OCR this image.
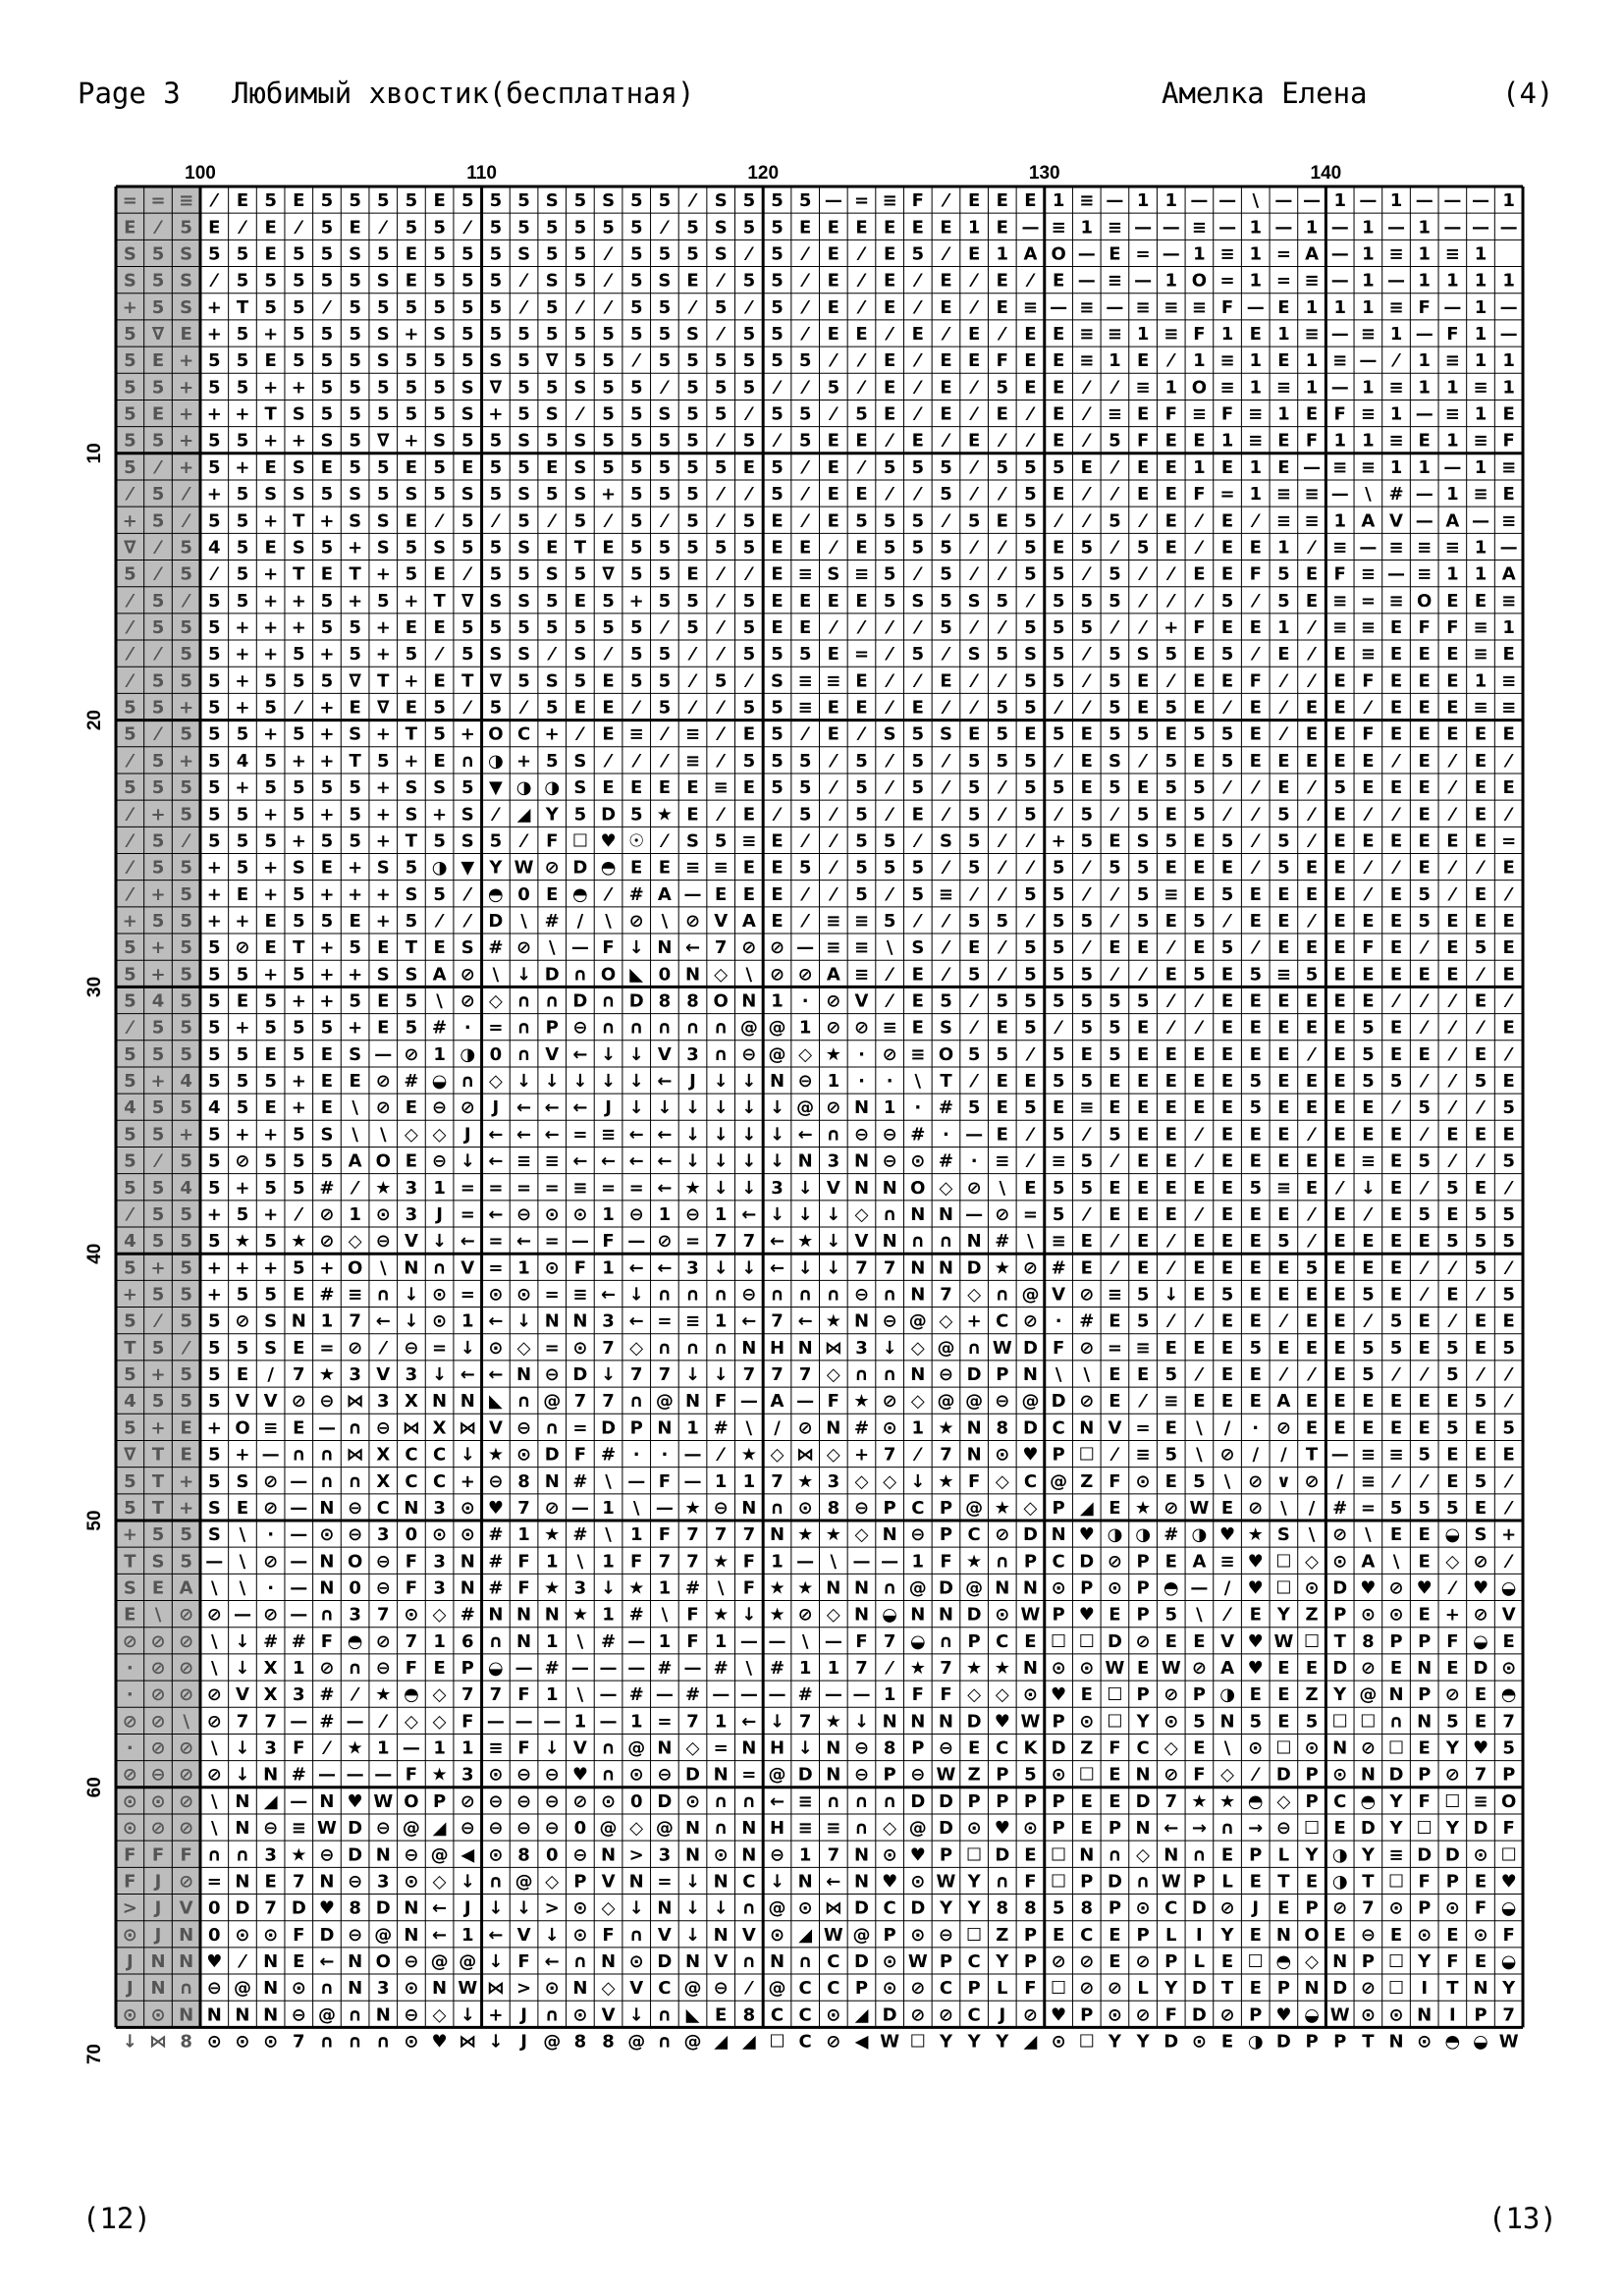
Page 3 Любимый хвостик(бесплатная)	Амелка Елена	(4)
= = ≡ ⁄ E 5 E 5 5 5 5 E 5 5 5 S 5 S 5 5 ⁄ S 5 5 5 — = ≡ F ⁄ E E E 1 ≡ — 1 1 — — \ — — 1 — 1 — — — 1
E ⁄ 5 E ⁄ E ⁄ 5 E ⁄ 5 5 ⁄ 5 5 5 5 5 5 ⁄ 5 S 5 5 E E E E E E 1 E — ≡ 1 ≡ — — ≡ — 1 — 1 — 1 — 1 — — —
S 5 S 5 5 E 5 5 S 5 E 5 5 5 S 5 5 ⁄ 5 5 5 S ⁄ 5 ⁄ E ⁄ E 5 ⁄ E 1 A O — E = — 1 ≡ 1 = A — 1 ≡ 1 ≡ 1
S 5 S ⁄ 5 5 5 5 5 S E 5 5 5 ⁄ S 5 ⁄ 5 S E ⁄ 5 5 ⁄ E ⁄ E ⁄ E ⁄ E ⁄ E — ≡ — 1 O = 1 = ≡ — 1 — 1 1 1 1
+ 5 S + T 5 5 ⁄ 5 5 5 5 5 5 ⁄ 5 ⁄ ⁄ 5 5 ⁄ 5 ⁄ 5 ⁄ E ⁄ E ⁄ E ⁄ E ≡ — ≡ — ≡ ≡ ≡ F — E 1 1 1 ≡ F — 1 —
5 ∇ E + 5 + 5 5 5 S + S 5 5 5 5 5 5 5 5 S ⁄ 5 5 ⁄ E E ⁄ E ⁄ E ⁄ E E ≡ ≡ 1 ≡ F 1 E 1 ≡ — ≡ 1 — F 1 —
5 E + 5 5 E 5 5 5 S 5 5 5 S 5 ∇ 5 5 ⁄ 5 5 5 5 5 5 ⁄ ⁄ E ⁄ E E F E E ≡ 1 E ⁄ 1 ≡ 1 E 1 ≡ — ⁄ 1 ≡ 1 1
5 5 + 5 5 + + 5 5 5 5 5 S ∇ 5 5 S 5 5 ⁄ 5 5 5 ⁄ ⁄ 5 ⁄ E ⁄ E ⁄ 5 E E ⁄ ⁄ ≡ 1 O ≡ 1 ≡ 1 — 1 ≡ 1 1 ≡ 1
5 E + + + T S 5 5 5 5 5 S + 5 S ⁄ 5 5 S 5 5 ⁄ 5 5 ⁄ 5 E ⁄ E ⁄ E ⁄ E ⁄ ≡ E F ≡ F ≡ 1 E F ≡ 1 — ≡ 1 E
5 5 + 5 5 + + S 5 ∇ + S 5 5 S 5 S 5 5 5 5 ⁄ 5 ⁄ 5 E E ⁄ E ⁄ E ⁄ ⁄ E ⁄ 5 F E E 1 ≡ E F 1 1 ≡ E 1 ≡ F
5 ⁄ + 5 + E S E 5 5 E 5 E 5 5 E S 5 5 5 5 5 E 5 ⁄ E ⁄ 5 5 5 ⁄ 5 5 5 E ⁄ E E 1 E 1 E — ≡ ≡ 1 1 — 1 ≡
⁄ 5 ⁄ + 5 S S 5 S 5 S 5 S 5 S 5 S + 5 5 5 ⁄ ⁄ 5 ⁄ E E ⁄ ⁄ 5 ⁄ ⁄ 5 E ⁄ ⁄ E E F = 1 ≡ ≡ — \ # — 1 ≡ E
+ 5 ⁄ 5 5 + T + S S E ⁄ 5 ⁄ 5 ⁄ 5 ⁄ 5 ⁄ 5 ⁄ 5 E ⁄ E 5 5 5 ⁄ 5 E 5 ⁄ ⁄ 5 ⁄ E ⁄ E ⁄ ≡ ≡ 1 A V — A — ≡
∇ ⁄ 5 4 5 E S 5 + S 5 S 5 5 S E T E 5 5 5 5 5 E E ⁄ E 5 5 5 ⁄ ⁄ 5 E 5 ⁄ 5 E ⁄ E E 1 ⁄ ≡ — ≡ ≡ ≡ 1 —
5 ⁄ 5 ⁄ 5 + T E T + 5 E ⁄ 5 5 S 5 ∇ 5 5 E ⁄ ⁄ E ≡ S ≡ 5 ⁄ 5 ⁄ ⁄ 5 5 ⁄ 5 ⁄ ⁄ E E F 5 E F ≡ — ≡ 1 1 A
⁄ 5 ⁄ 5 5 + + 5 + 5 + T ∇ S S 5 E 5 + 5 5 ⁄ 5 E E E E 5 S 5 S 5 ⁄ 5 5 5 ⁄ ⁄ ⁄ 5 ⁄ 5 E ≡ = ≡ O E E ≡
⁄ 5 5 5 + + + 5 5 + E E 5 5 5 5 5 5 5 ⁄ 5 ⁄ 5 E E ⁄ ⁄ ⁄ ⁄ 5 ⁄ ⁄ 5 5 5 ⁄ ⁄ + F E E 1 ⁄ ≡ ≡ E F F ≡ 1
⁄ ⁄ 5 5 + + 5 + 5 + 5 ⁄ 5 S S ⁄ S ⁄ 5 5 ⁄ ⁄ 5 5 5 E = ⁄ 5 ⁄ S 5 S 5 ⁄ 5 S 5 E 5 ⁄ E ⁄ E ≡ E E E ≡ E
⁄ 5 5 5 + 5 5 5 ∇ T + E T ∇ 5 S 5 E 5 5 ⁄ 5 ⁄ S ≡ ≡ E ⁄ ⁄ E ⁄ ⁄ 5 5 ⁄ 5 E ⁄ E E F ⁄ ⁄ E F E E E 1 ≡
5 5 + 5 + 5 ⁄ + E ∇ E 5 ⁄ 5 ⁄ 5 E E ⁄ 5 ⁄ ⁄ 5 5 ≡ E E ⁄ E ⁄ ⁄ 5 5 ⁄ ⁄ 5 E 5 E ⁄ E ⁄ E E ⁄ E E E ≡ ≡
5 ⁄ 5 5 5 + 5 + S + T 5 + O C + ⁄ E ≡ ⁄ ≡ ⁄ E 5 ⁄ E ⁄ S 5 S E 5 E 5 E 5 5 E 5 5 E ⁄ E E F E E E E E
⁄ 5 + 5 4 5 + + T 5 + E ∩ ◑ + 5 S ⁄ ⁄ ⁄ ≡ ⁄ 5 5 5 ⁄ 5 ⁄ 5 ⁄ 5 5 5 ⁄ E S ⁄ 5 E 5 E E E E E ⁄ E ⁄ E ⁄
5 5 5 5 + 5 5 5 5 + S S 5 ▼ ◑ ◑ S E E E E ≡ E 5 5 ⁄ 5 ⁄ 5 ⁄ 5 ⁄ 5 5 E 5 E 5 5 ⁄ ⁄ E ⁄ 5 E E E ⁄ E E
⁄ + 5 5 5 + 5 + 5 + S + S ⁄ ◢ Y 5 D 5 ★ E ⁄ E ⁄ 5 ⁄ 5 ⁄ E ⁄ 5 ⁄ 5 ⁄ 5 ⁄ 5 E 5 ⁄ ⁄ 5 ⁄ E ⁄ ⁄ E ⁄ E ⁄
⁄ 5 ⁄ 5 5 5 + 5 5 + T 5 S 5 ⁄ F ☐ ♥ ☉ ⁄ S 5 ≡ E ⁄ ⁄ 5 5 ⁄ S 5 ⁄ ⁄ + 5 E S 5 E 5 ⁄ 5 ⁄ E E E E E E =
⁄ 5 5 + 5 + S E + S 5 ◑ ▼ Y W ⊘ D ◓ E E ≡ ≡ E E 5 ⁄ 5 5 5 ⁄ 5 ⁄ ⁄ 5 ⁄ 5 5 E E E ⁄ 5 E E ⁄ ⁄ E ⁄ ⁄ E
⁄ + 5 + E + 5 + + + S 5 ⁄ ◓ 0 E ◓ ⁄ # A — E E E ⁄ ⁄ 5 ⁄ 5 ≡ ⁄ ⁄ 5 5 ⁄ ⁄ 5 ≡ E 5 E E E E ⁄ E 5 ⁄ E ⁄
+ 5 5 + + E 5 5 E + 5 ⁄ ⁄ D \ # / \ ⊘ \ ⊘ V A E ⁄ ≡ ≡ 5 ⁄ ⁄ 5 5 ⁄ 5 5 ⁄ 5 E 5 ⁄ E E ⁄ E E E 5 E E E
5 + 5 5 ⊘ E T + 5 E T E S # ⊘ \ — F ↓ N ← 7 ⊘ ⊘ — ≡ ≡ \ S ⁄ E ⁄ 5 5 ⁄ E E ⁄ E 5 ⁄ E E E F E ⁄ E 5 E
5 + 5 5 5 + 5 + + S S A ⊘ \ ↓ D ∩ O ◣ 0 N ◇ \ ⊘ ⊘ A ≡ ⁄ E ⁄ 5 ⁄ 5 5 5 ⁄ ⁄ E 5 E 5 ≡ 5 E E E E E ⁄ E
5 4 5 5 E 5 + + 5 E 5 \ ⊘ ◇ ∩ ∩ D ∩ D 8 8 O N 1 · ⊘ V ⁄ E 5 ⁄ 5 5 5 5 5 5 ⁄ ⁄ E E E E E E ⁄ ⁄ ⁄ E ⁄
⁄ 5 5 5 + 5 5 5 + E 5 # · = ∩ P ⊖ ∩ ∩ ∩ ∩ ∩ @ @ 1 ⊘ ⊘ ≡ E S ⁄ E 5 ⁄ 5 5 E ⁄ ⁄ E E E E E 5 E ⁄ ⁄ ⁄ E
5 5 5 5 5 E 5 E S — ⊘ 1 ◑ 0 ∩ V ← ↓ ↓ V 3 ∩ ⊖ @ ◇ ★ · ⊘ ≡ O 5 5 ⁄ 5 E 5 E E E E E E ⁄ E 5 E E ⁄ E ⁄
5 + 4 5 5 5 + E E ⊘ # ◒ ∩ ◇ ↓ ↓ ↓ ↓ ↓ ← J ↓ ↓ N ⊖ 1 · · \ T ⁄ E E 5 5 E E E E E 5 E E E 5 5 ⁄ ⁄ 5 E
4 5 5 4 5 E + E \ ⊘ E ⊖ ⊘ J ← ← ← J ↓ ↓ ↓ ↓ ↓ ↓ @ ⊘ N 1 · # 5 E 5 E ≡ E E E E E 5 E E E E ⁄ 5 ⁄ ⁄ 5
5 5 + 5 + + 5 S \ \ ◇ ◇ J ← ← ← = ≡ ← ← ↓ ↓ ↓ ↓ ← ∩ ⊖ ⊖ # · — E ⁄ 5 ⁄ 5 E E ⁄ E E E ⁄ E E E ⁄ E E E
5 ⁄ 5 5 ⊘ 5 5 5 A O E ⊖ ↓ ← ≡ ≡ ← ← ← ← ↓ ↓ ↓ ↓ N 3 N ⊖ ⊙ # · ≡ ⁄ ≡ 5 ⁄ E E ⁄ E E E E E ≡ E 5 ⁄ ⁄ 5
5 5 4 5 + 5 5 # ⁄ ★ 3 1 = = = = ≡ = = ← ★ ↓ ↓ 3 ↓ V N N O ◇ ⊘ \ E 5 5 E E E E E 5 ≡ E ⁄ ↓ E ⁄ 5 E ⁄
⁄ 5 5 + 5 + ⁄ ⊘ 1 ⊙ 3 J = ← ⊖ ⊙ ⊙ 1 ⊖ 1 ⊖ 1 ← ↓ ↓ ↓ ◇ ∩ N N — ⊘ = 5 ⁄ E E E ⁄ E E E ⁄ E ⁄ E 5 E 5 5
4 5 5 5 ★ 5 ★ ⊘ ◇ ⊖ V ↓ ← = ← = — F — ⊘ = 7 7 ← ★ ↓ V N ∩ ∩ N # \ ≡ E ⁄ E ⁄ E E E 5 ⁄ E E E E 5 5 5
5 + 5 + + + 5 + O \ N ∩ V = 1 ⊙ F 1 ← ← 3 ↓ ↓ ← ↓ ↓ 7 7 N N D ★ ⊘ # E ⁄ E ⁄ E E E E 5 E E E ⁄ ⁄ 5 ⁄
+ 5 5 + 5 5 E # ≡ ∩ ↓ ⊙ = ⊙ ⊙ = ≡ ← ↓ ∩ ∩ ∩ ⊖ ∩ ∩ ∩ ⊖ ∩ N 7 ◇ ∩ @ V ⊘ ≡ 5 ↓ E 5 E E E E 5 E ⁄ E ⁄ 5
5 ⁄ 5 5 ⊘ S N 1 7 ← ↓ ⊙ 1 ← ↓ N N 3 ← = ≡ 1 ← 7 ← ★ N ⊖ @ ◇ + C ⊘ · # E 5 ⁄ ⁄ E E ⁄ E E ⁄ 5 E ⁄ E E
T 5 ⁄ 5 5 S E = ⊘ ⁄ ⊖ = ↓ ⊙ ◇ = ⊙ 7 ◇ ∩ ∩ ∩ N H N ⋈ 3 ↓ ◇ @ ∩ W D F ⊘ = ≡ E E E 5 E E E 5 5 E 5 E 5
5 + 5 5 E / 7 ★ 3 V 3 ↓ ← ← N ⊖ D ↓ 7 7 ↓ ↓ 7 7 7 ◇ ∩ ∩ N ⊖ D P N \ \ E E 5 ⁄ E E ⁄ ⁄ E 5 ⁄ ⁄ 5 ⁄ ⁄
4 5 5 5 V V ⊘ ⊖ ⋈ 3 X N N ◣ ∩ @ 7 7 ∩ @ N F — A — F ★ ⊘ ◇ @ @ ⊖ @ D ⊘ E ⁄ ≡ E E E A E E E E E E 5 ⁄
5 + E + O ≡ E — ∩ ⊖ ⋈ X ⋈ V ⊖ ∩ = D P N 1 # \ / ⊘ N # ⊙ 1 ★ N 8 D C N V = E \ / · ⊘ E E E E E 5 E 5
∇ T E 5 + — ∩ ∩ ⋈ X C C ↓ ★ ⊙ D F # · · — ⁄ ★ ◇ ⋈ ◇ + 7 ⁄ 7 N ⊙ ♥ P ☐ ⁄ ≡ 5 \ ⊘ / / T — ≡ ≡ 5 E E E
5 T + 5 S ⊘ — ∩ ∩ X C C + ⊖ 8 N # \ — F — 1 1 7 ★ 3 ◇ ◇ ↓ ★ F ◇ C @ Z F ⊙ E 5 \ ⊘ ∨ ⊘ / ≡ ⁄ ⁄ E 5 ⁄
5 T + S E ⊘ — N ⊖ C N 3 ⊙ ♥ 7 ⊘ — 1 \ — ★ ⊖ N ∩ ⊙ 8 ⊖ P C P @ ★ ◇ P ◢ E ★ ⊘ W E ⊘ \ / # = 5 5 5 E ⁄
+ 5 5 S \ · — ⊙ ⊖ 3 0 ⊙ ⊙ # 1 ★ # \ 1 F 7 7 7 N ★ ★ ◇ N ⊖ P C ⊘ D N ♥ ◑ ◑ # ◑ ♥ ★ S \ ⊘ \ E E ◒ S +
T S 5 — \ ⊘ — N O ⊖ F 3 N # F 1 \ 1 F 7 7 ★ F 1 — \ — — 1 F ★ ∩ P C D ⊘ P E A ≡ ♥ ☐ ◇ ⊙ A \ E ◇ ⊘ ⁄
S E A \ \ · — N 0 ⊖ F 3 N # F ★ 3 ↓ ★ 1 # \ F ★ ★ N N ∩ @ D @ N N ⊙ P ⊙ P ◓ — / ♥ ☐ ⊙ D ♥ ⊘ ♥ ⁄ ♥ ◒
E \ ⊘ ⊘ — ⊘ — ∩ 3 7 ⊙ ◇ # N N N ★ 1 # \ F ★ ↓ ★ ⊘ ◇ N ◒ N N D ⊙ W P ♥ E P 5 \ ⁄ E Y Z P ⊙ ⊙ E + ⊘ V
⊘ ⊘ ⊘ \ ↓ # # F ◓ ⊘ 7 1 6 ∩ N 1 \ # — 1 F 1 — — \ — F 7 ◒ ∩ P C E ☐ ☐ D ⊘ E E V ♥ W ☐ T 8 P P F ◒ E
· ⊘ ⊘ \ ↓ X 1 ⊘ ∩ ⊖ F E P ◒ — # — — — # — # \ # 1 1 7 ⁄ ★ 7 ★ ★ N ⊙ ⊙ W E W ⊘ A ♥ E E D ⊘ E N E D ⊙
· ⊘ ⊘ ⊘ V X 3 # ⁄ ★ ◓ ◇ 7 7 F 1 \ — # — # — — — # — — 1 F F ◇ ◇ ⊙ ♥ E ☐ P ⊘ P ◑ E E Z Y @ N P ⊘ E ◓
⊘ ⊘ \ ⊘ 7 7 — # — ⁄ ◇ ◇ F — — — 1 — 1 = 7 1 ← ↓ 7 ★ ↓ N N N D ♥ W P ⊙ ☐ Y ⊙ 5 N 5 E 5 ☐ ☐ ∩ N 5 E 7
· ⊘ ⊘ \ ↓ 3 F ⁄ ★ 1 — 1 1 ≡ F ↓ V ∩ @ N ◇ = N H ↓ N ⊖ 8 P ⊖ E C K D Z F C ◇ E \ ⊙ ☐ ⊙ N ⊘ ☐ E Y ♥ 5
⊘ ⊖ ⊘ ⊘ ↓ N # — — — F ★ 3 ⊙ ⊖ ⊖ ♥ ∩ ⊙ ⊖ D N = @ D N ⊖ P ⊖ W Z P 5 ⊙ ☐ E N ⊘ F ◇ ⁄ D P ⊙ N D P ⊘ 7 P
⊙ ⊙ ⊘ \ N ◢ — N ♥ W O P ⊘ ⊖ ⊖ ⊖ ⊘ ⊙ 0 D ⊙ ∩ ∩ ← ≡ ∩ ∩ ∩ D D P P P P E E D 7 ★ ★ ◓ ◇ P C ◓ Y F ☐ ≡ O
⊙ ⊘ ⊘ \ N ⊖ ≡ W D ⊖ @ ◢ ⊖ ⊖ ⊖ ⊖ 0 @ ◇ @ N ∩ N H ≡ ≡ ∩ ◇ @ D ⊙ ♥ ⊙ P E P N ← → ∩ → ⊖ ☐ E D Y ☐ Y D F
F F F ∩ ∩ 3 ★ ⊖ D N ⊖ @ ◀ ⊙ 8 0 ⊖ N > 3 N ⊙ N ⊖ 1 7 N ⊙ ♥ P ☐ D E ☐ N ∩ ◇ N ∩ E P L Y ◑ Y ≡ D D ⊙ ☐
F J ⊘ = N E 7 N ⊖ 3 ⊙ ◇ ↓ ∩ @ ◇ P V N = ↓ N C ↓ N ← N ♥ ⊙ W Y ∩ F ☐ P D ∩ W P L E T E ◑ T ☐ F P E ♥
> J V 0 D 7 D ♥ 8 D N ← J ↓ ↓ > ⊙ ◇ ↓ N ↓ ↓ ∩ @ ⊙ ⋈ D C D Y Y 8 8 5 8 P ⊙ C D ⊘ J E P ⊘ 7 ⊙ P ⊙ F ◒
⊙ J N 0 ⊙ ⊙ F D ⊖ @ N ← 1 ← V ↓ ⊙ F ∩ V ↓ N V ⊙ ◢ W @ P ⊙ ⊖ ☐ Z P E C E P L I Y E N O E ⊖ E ⊙ E ⊙ F
J N N ♥ ⁄ N E ← N O ⊖ @ @ ↓ F ← ∩ N ⊙ D N V ∩ N ∩ C D ⊙ W P C Y P ⊘ ⊘ E ⊘ P L E ☐ ◓ ◇ N P ☐ Y F E ◒
J N ∩ ⊖ @ N ⊙ ∩ N 3 ⊙ N W ⋈ > ⊙ N ◇ V C @ ⊖ ⁄ @ C C P ⊙ ⊘ C P L F ☐ ⊘ ⊘ L Y D T E P N D ⊘ ☐ I T N Y
⊙ ⊙ N N N N ⊖ @ ∩ N ⊖ ◇ ↓ + J ∩ ⊙ V ↓ ∩ ◣ E 8 C C ⊙ ◢ D ⊘ ⊘ C J ⊘ ♥ P ⊙ ⊘ F D ⊘ P ♥ ◒ W ⊙ ⊙ N I P 7
↓ ⋈ 8 ⊙ ⊙ ⊙ 7 ∩ ∩ ∩ ⊙ ♥ ⋈ ↓ J @ 8 8 @ ∩ @ ◢ ◢ ☐ C ⊘ ◀ W ☐ Y Y Y ◢ ⊙ ☐ Y Y D ⊙ E ◑ D P P T N ⊙ ◓ ◒ W
100	110	120	130	140
10
20
30
40
50
60
70
(12)	(13)
